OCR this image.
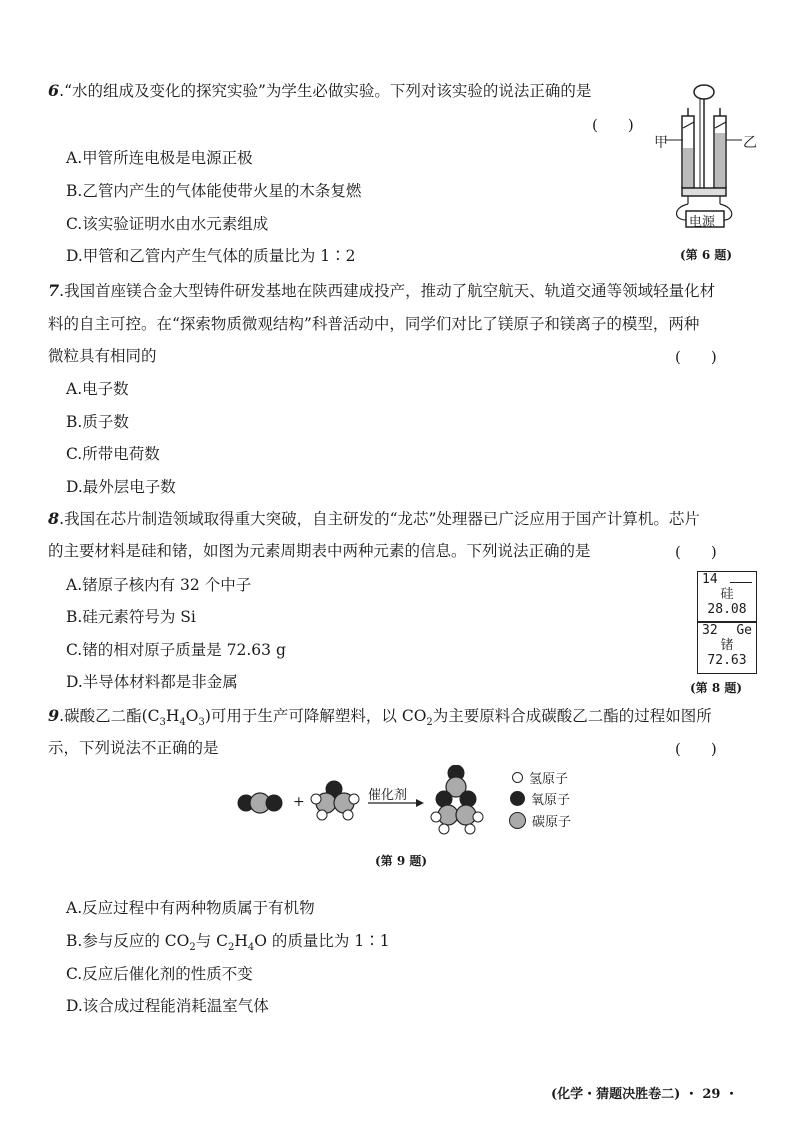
6.“水的组成及变化的探究实验”为学生必做实验。下列对该实验的说法正确的是
(　　)
A.甲管所连电极是电源正极
B.乙管内产生的气体能使带火星的木条复燃
C.该实验证明水由水元素组成
D.甲管和乙管内产生气体的质量比为 1∶2
甲	乙
电源
(第 6 题)
7.我国首座镁合金大型铸件研发基地在陕西建成投产，推动了航空航天、轨道交通等领域轻量化材
料的自主可控。在“探索物质微观结构”科普活动中，同学们对比了镁原子和镁离子的模型，两种
微粒具有相同的	(　　)
A.电子数
B.质子数
C.所带电荷数
D.最外层电子数
8.我国在芯片制造领域取得重大突破，自主研发的“龙芯”处理器已广泛应用于国产计算机。芯片
的主要材料是硅和锗，如图为元素周期表中两种元素的信息。下列说法正确的是	(　　)
A.锗原子核内有 32 个中子
B.硅元素符号为 Si
C.锗的相对原子质量是 72.63 g
D.半导体材料都是非金属
14
硅
28.08
32 Ge
锗
72.63
(第 8 题)
9.碳酸乙二酯$(C_3H_4O_3)$可用于生产可降解塑料，以 $CO_2$为主要原料合成碳酸乙二酯的过程如图所
示，下列说法不正确的是	(　　)
+	催化剂
氢原子
氧原子
碳原子
(第 9 题)
A.反应过程中有两种物质属于有机物
B.参与反应的 $CO_2$与 $C_2H_4O$ 的质量比为 1∶1
C.反应后催化剂的性质不变
D.该合成过程能消耗温室气体
(化学・猜题决胜卷二) ・ 29 ・
